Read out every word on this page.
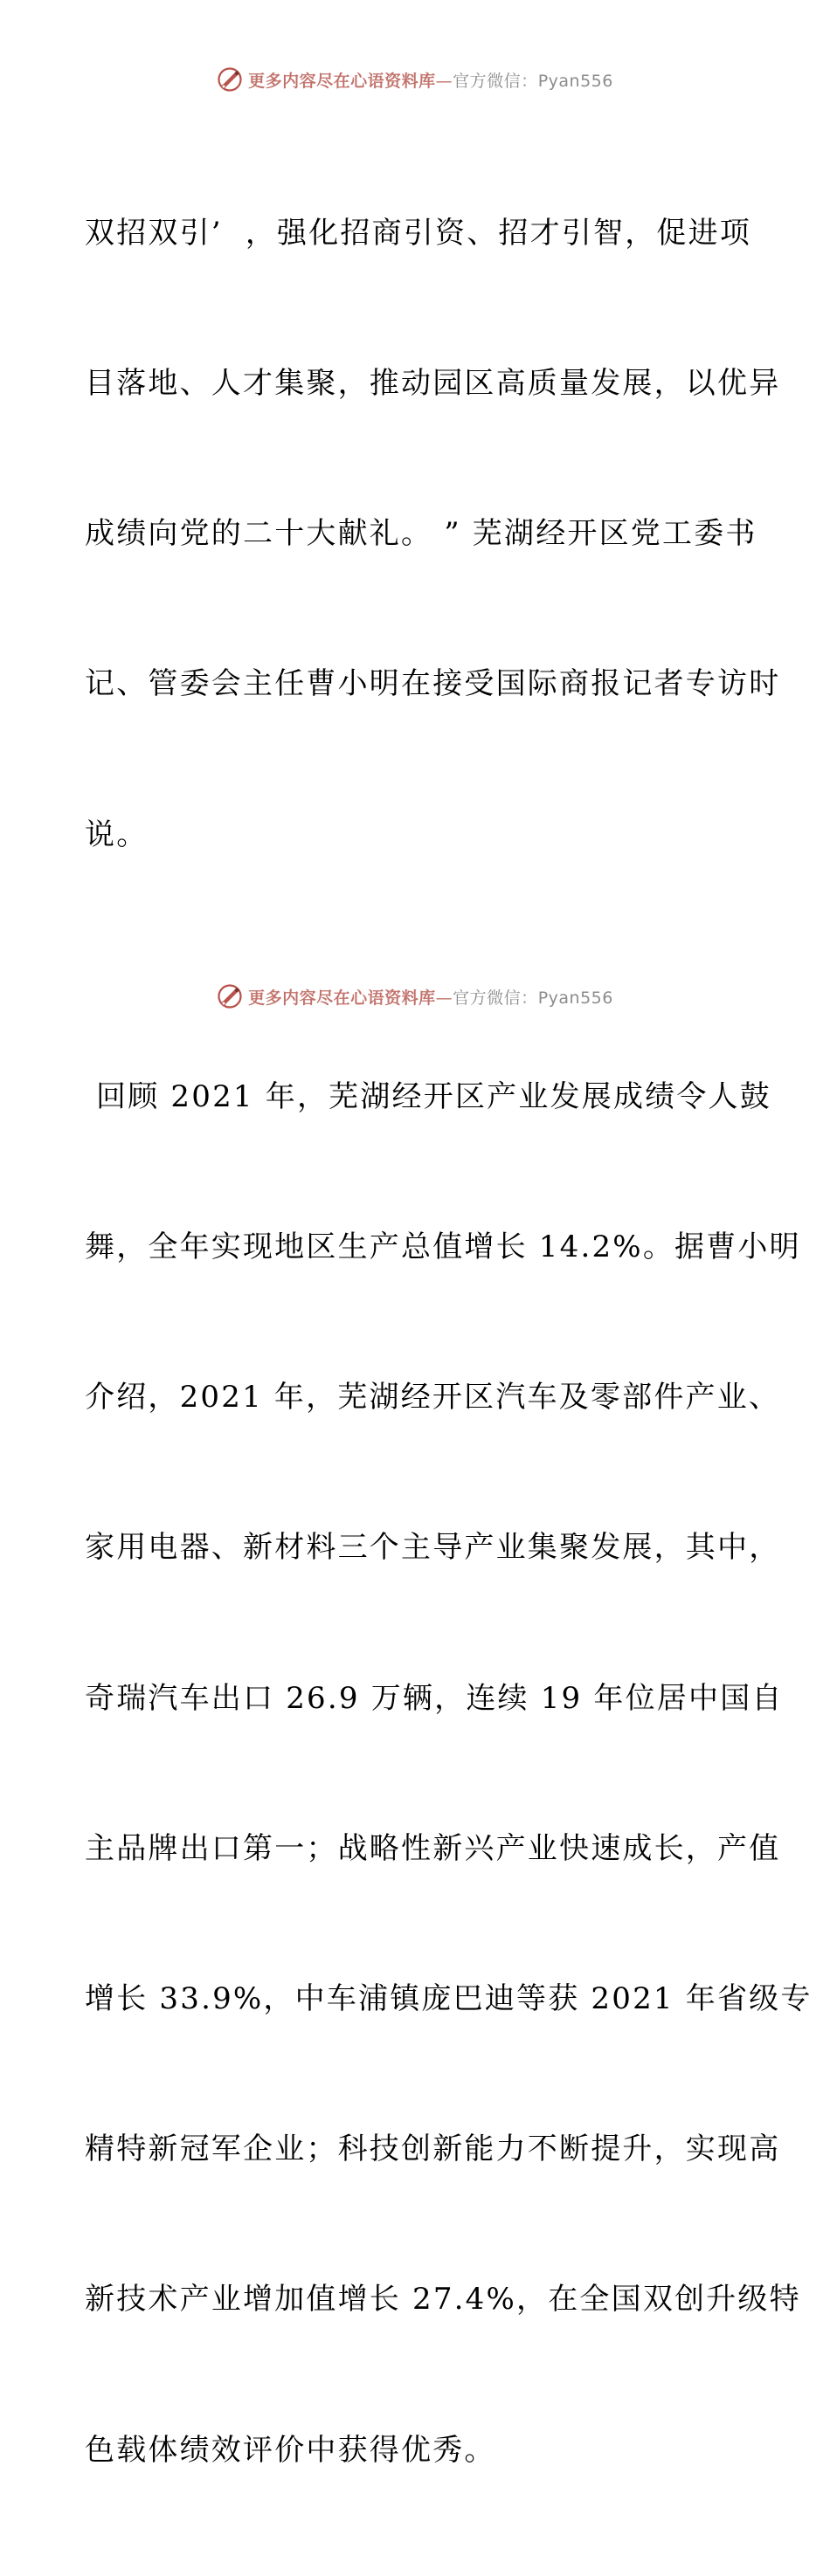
更多内容尽在心语资料库—官方微信：Pyan556

双招双引’  ，强化招商引资、招才引智，促进项

目落地、人才集聚，推动园区高质量发展，以优异

成绩向党的二十大献礼。 ” 芜湖经开区党工委书

记、管委会主任曹小明在接受国际商报记者专访时

说。

回顾 2021 年，芜湖经开区产业发展成绩令人鼓

舞，全年实现地区生产总值增长 14.2%。据曹小明

介绍，2021 年，芜湖经开区汽车及零部件产业、

家用电器、新材料三个主导产业集聚发展，其中，

奇瑞汽车出口 26.9 万辆，连续 19 年位居中国自

主品牌出口第一；战略性新兴产业快速成长，产值

增长 33.9%，中车浦镇庞巴迪等获 2021 年省级专

精特新冠军企业；科技创新能力不断提升，实现高

新技术产业增加值增长 27.4%，在全国双创升级特

色载体绩效评价中获得优秀。

更多内容尽在心语资料库—官方微信：Pyan556
